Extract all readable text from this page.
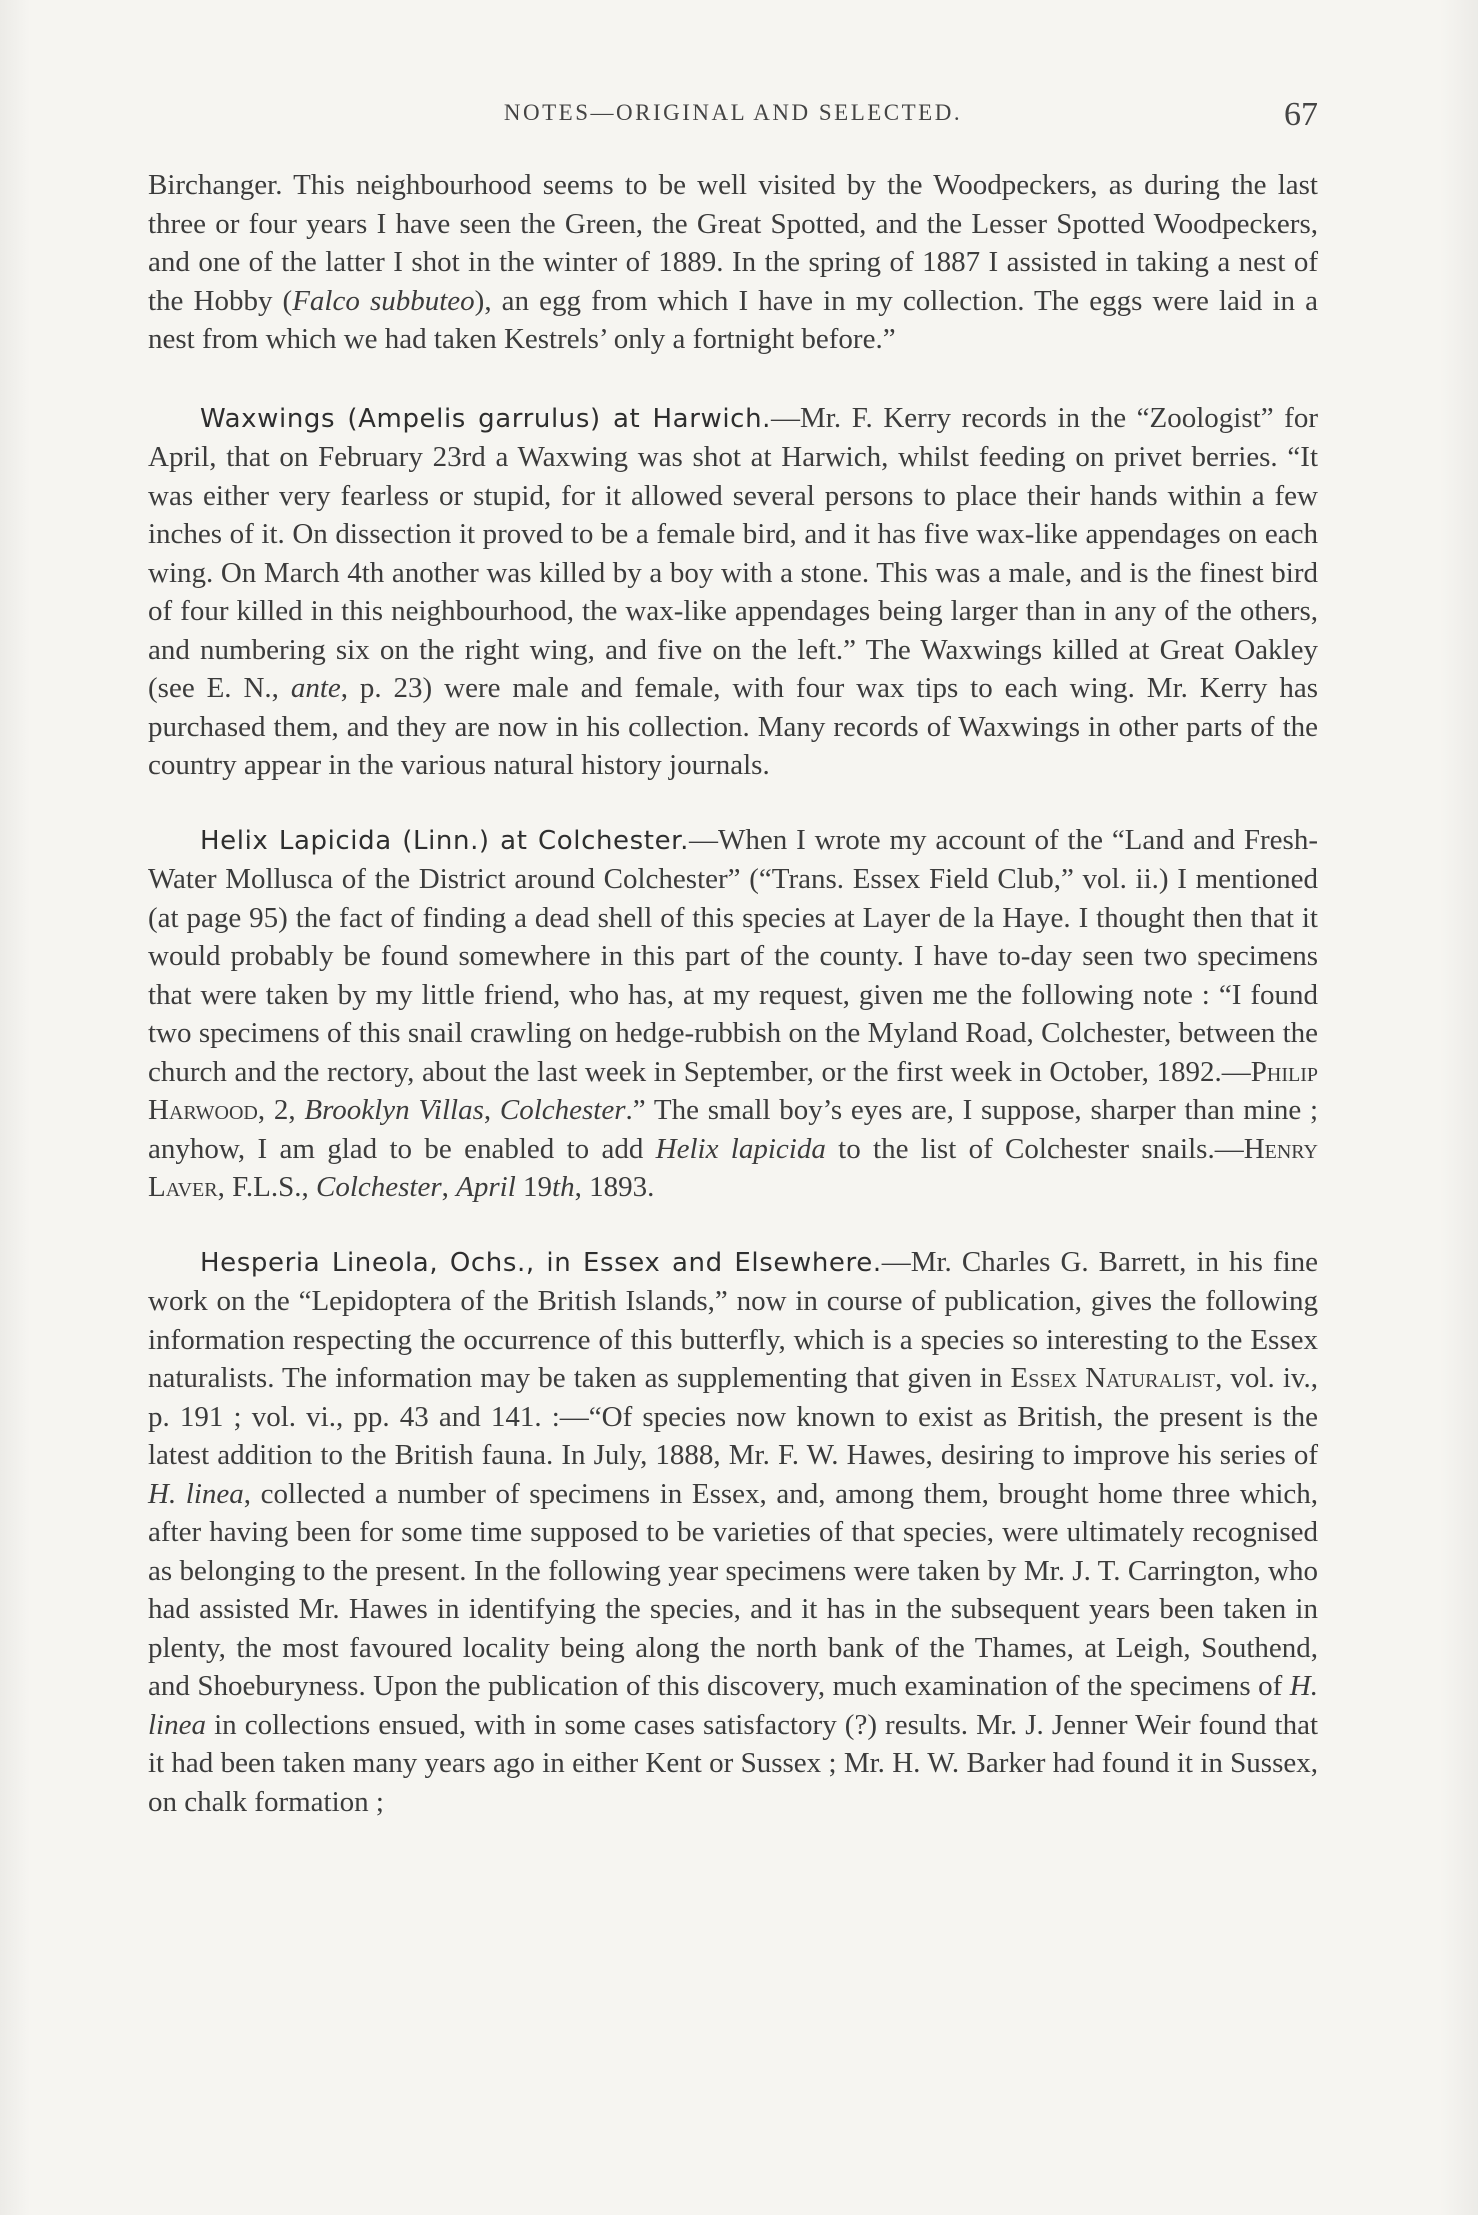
NOTES—ORIGINAL AND SELECTED.	67

Birchanger. This neighbourhood seems to be well visited by the Woodpeckers, as during the last three or four years I have seen the Green, the Great Spotted, and the Lesser Spotted Woodpeckers, and one of the latter I shot in the winter of 1889. In the spring of 1887 I assisted in taking a nest of the Hobby (Falco subbuteo), an egg from which I have in my collection. The eggs were laid in a nest from which we had taken Kestrels’ only a fortnight before.”

Waxwings (Ampelis garrulus) at Harwich.—Mr. F. Kerry records in the “Zoologist” for April, that on February 23rd a Waxwing was shot at Harwich, whilst feeding on privet berries. “It was either very fearless or stupid, for it allowed several persons to place their hands within a few inches of it. On dissection it proved to be a female bird, and it has five wax-like appendages on each wing. On March 4th another was killed by a boy with a stone. This was a male, and is the finest bird of four killed in this neighbourhood, the wax-like appendages being larger than in any of the others, and numbering six on the right wing, and five on the left.” The Waxwings killed at Great Oakley (see E. N., ante, p. 23) were male and female, with four wax tips to each wing. Mr. Kerry has purchased them, and they are now in his collection. Many records of Waxwings in other parts of the country appear in the various natural history journals.

Helix Lapicida (Linn.) at Colchester.—When I wrote my account of the “Land and Fresh-Water Mollusca of the District around Colchester” (“Trans. Essex Field Club,” vol. ii.) I mentioned (at page 95) the fact of finding a dead shell of this species at Layer de la Haye. I thought then that it would probably be found somewhere in this part of the county. I have to-day seen two specimens that were taken by my little friend, who has, at my request, given me the following note : “I found two specimens of this snail crawling on hedge-rubbish on the Myland Road, Colchester, between the church and the rectory, about the last week in September, or the first week in October, 1892.—Philip Harwood, 2, Brooklyn Villas, Colchester.” The small boy’s eyes are, I suppose, sharper than mine ; anyhow, I am glad to be enabled to add Helix lapicida to the list of Colchester snails.—Henry Laver, F.L.S., Colchester, April 19th, 1893.

Hesperia Lineola, Ochs., in Essex and Elsewhere.—Mr. Charles G. Barrett, in his fine work on the “Lepidoptera of the British Islands,” now in course of publication, gives the following information respecting the occurrence of this butterfly, which is a species so interesting to the Essex naturalists. The information may be taken as supplementing that given in Essex Naturalist, vol. iv., p. 191 ; vol. vi., pp. 43 and 141. :—“Of species now known to exist as British, the present is the latest addition to the British fauna. In July, 1888, Mr. F. W. Hawes, desiring to improve his series of H. linea, collected a number of specimens in Essex, and, among them, brought home three which, after having been for some time supposed to be varieties of that species, were ultimately recognised as belonging to the present. In the following year specimens were taken by Mr. J. T. Carrington, who had assisted Mr. Hawes in identifying the species, and it has in the subsequent years been taken in plenty, the most favoured locality being along the north bank of the Thames, at Leigh, Southend, and Shoeburyness. Upon the publication of this discovery, much examination of the specimens of H. linea in collections ensued, with in some cases satisfactory (?) results. Mr. J. Jenner Weir found that it had been taken many years ago in either Kent or Sussex ; Mr. H. W. Barker had found it in Sussex, on chalk formation ;
